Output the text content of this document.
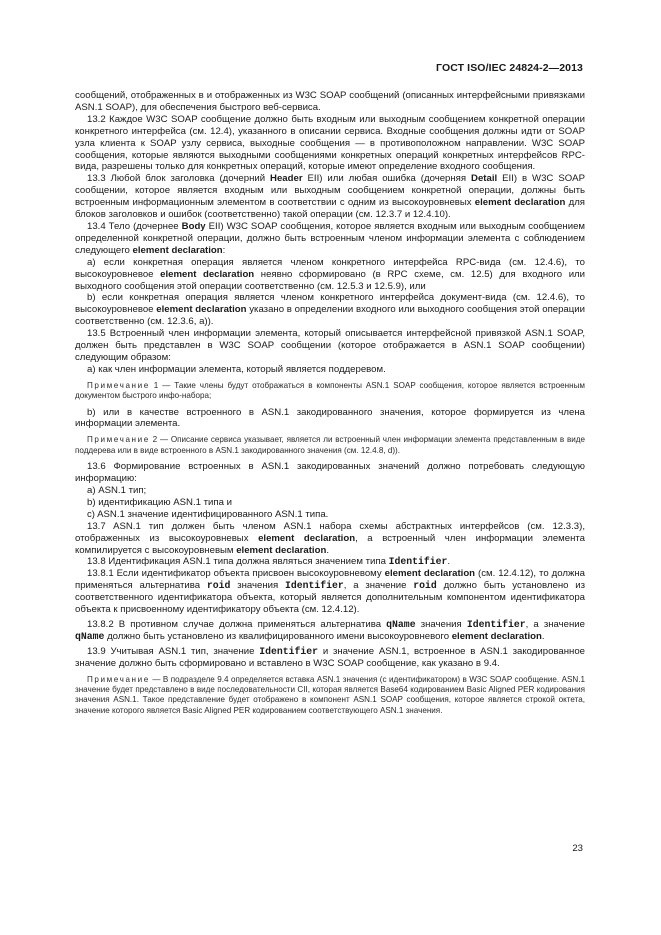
ГОСТ ISO/IEC 24824-2—2013

сообщений, отображенных в и отображенных из W3C SOAP сообщений (описанных интерфейсными привязками ASN.1 SOAP), для обеспечения быстрого веб-сервиса.

13.2 Каждое W3C SOAP сообщение должно быть входным или выходным сообщением конкретной операции конкретного интерфейса (см. 12.4), указанного в описании сервиса. Входные сообщения должны идти от SOAP узла клиента к SOAP узлу сервиса, выходные сообщения — в противоположном направлении. W3C SOAP сообщения, которые являются выходными сообщениями конкретных операций конкретных интерфейсов RPC-вида, разрешены только для конкретных операций, которые имеют определение входного сообщения.

13.3 Любой блок заголовка (дочерний Header EII) или любая ошибка (дочерняя Detail EII) в W3C SOAP сообщении, которое является входным или выходным сообщением конкретной операции, должны быть встроенным информационным элементом в соответствии с одним из высокоуровневых element declaration для блоков заголовков и ошибок (соответственно) такой операции (см. 12.3.7 и 12.4.10).

13.4 Тело (дочернее Body EII) W3C SOAP сообщения, которое является входным или выходным сообщением определенной конкретной операции, должно быть встроенным членом информации элемента с соблюдением следующего element declaration:

а) если конкретная операция является членом конкретного интерфейса RPC-вида (см. 12.4.6), то высокоуровневое element declaration неявно сформировано (в RPC схеме, см. 12.5) для входного или выходного сообщения этой операции соответственно (см. 12.5.3 и 12.5.9), или

b) если конкретная операция является членом конкретного интерфейса документ-вида (см. 12.4.6), то высокоуровневое element declaration указано в определении входного или выходного сообщения этой операции соответственно (см. 12.3.6, а)).

13.5 Встроенный член информации элемента, который описывается интерфейсной привязкой ASN.1 SOAP, должен быть представлен в W3C SOAP сообщении (которое отображается в ASN.1 SOAP сообщении) следующим образом:

а) как член информации элемента, который является поддеревом.

Примечание 1 — Такие члены будут отображаться в компоненты ASN.1 SOAP сообщения, которое является встроенным документом быстрого инфо-набора;

b) или в качестве встроенного в ASN.1 закодированного значения, которое формируется из члена информации элемента.

Примечание 2 — Описание сервиса указывает, является ли встроенный член информации элемента представленным в виде поддерева или в виде встроенного в ASN.1 закодированного значения (см. 12.4.8, d)).

13.6 Формирование встроенных в ASN.1 закодированных значений должно потребовать следующую информацию:

а) ASN.1 тип;

b) идентификацию ASN.1 типа и

c) ASN.1 значение идентифицированного ASN.1 типа.

13.7 ASN.1 тип должен быть членом ASN.1 набора схемы абстрактных интерфейсов (см. 12.3.3), отображенных из высокоуровневых element declaration, а встроенный член информации элемента компилируется с высокоуровневым element declaration.

13.8 Идентификация ASN.1 типа должна являться значением типа Identifier.

13.8.1 Если идентификатор объекта присвоен высокоуровневому element declaration (см. 12.4.12), то должна применяться альтернатива roid значения Identifier, а значение roid должно быть установлено из соответственного идентификатора объекта, который является дополнительным компонентом идентификатора объекта к присвоенному идентификатору объекта (см. 12.4.12).

13.8.2 В противном случае должна применяться альтернатива qName значения Identifier, а значение qName должно быть установлено из квалифицированного имени высокоуровневого element declaration.

13.9 Учитывая ASN.1 тип, значение Identifier и значение ASN.1, встроенное в ASN.1 закодированное значение должно быть сформировано и вставлено в W3C SOAP сообщение, как указано в 9.4.

Примечание — В подразделе 9.4 определяется вставка ASN.1 значения (с идентификатором) в W3C SOAP сообщение. ASN.1 значение будет представлено в виде последовательности CII, которая является Base64 кодированием Basic Aligned PER кодирования значения ASN.1. Такое представление будет отображено в компонент ASN.1 SOAP сообщения, которое является строкой октета, значение которого является Basic Aligned PER кодированием соответствующего ASN.1 значения.

23
